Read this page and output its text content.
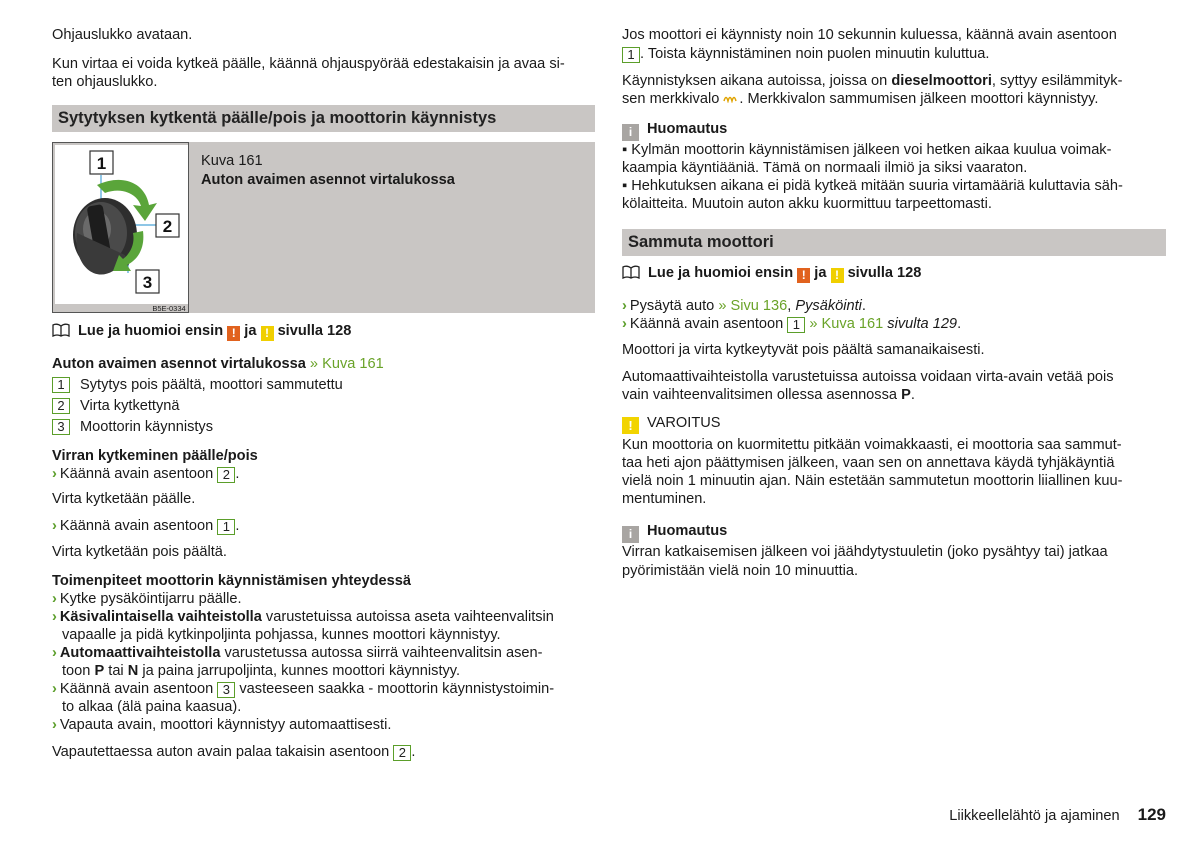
Ohjauslukko avataan.
Kun virtaa ei voida kytkeä päälle, käännä ohjauspyörää edestakaisin ja avaa si-
ten ohjauslukko.
Sytytyksen kytkentä päälle/pois ja moottorin käynnistys
1
2
3
B5E-0334
Kuva 161
Auton avaimen asennot virtalukossa
Lue ja huomioi ensin ! ja ! sivulla 128
Auton avaimen asennot virtalukossa » Kuva 161
1	Sytytys pois päältä, moottori sammutettu
2	Virta kytkettynä
3	Moottorin käynnistys
Virran kytkeminen päälle/pois
› Käännä avain asentoon 2 .
Virta kytketään päälle.
› Käännä avain asentoon 1 .
Virta kytketään pois päältä.
Toimenpiteet moottorin käynnistämisen yhteydessä
› Kytke pysäköintijarru päälle.
› Käsivalintaisella vaihteistolla varustetuissa autoissa aseta vaihteenvalitsin
vapaalle ja pidä kytkinpoljinta pohjassa, kunnes moottori käynnistyy.
› Automaattivaihteistolla varustetussa autossa siirrä vaihteenvalitsin asen-
toon P tai N ja paina jarrupoljinta, kunnes moottori käynnistyy.
› Käännä avain asentoon 3 vasteeseen saakka - moottorin käynnistystoimin-
to alkaa (älä paina kaasua).
› Vapauta avain, moottori käynnistyy automaattisesti.
Vapautettaessa auton avain palaa takaisin asentoon 2 .
Jos moottori ei käynnisty noin 10 sekunnin kuluessa, käännä avain asentoon
1 . Toista käynnistäminen noin puolen minuutin kuluttua.
Käynnistyksen aikana autoissa, joissa on dieselmoottori, syttyy esilämmityk-
sen merkkivalo . Merkkivalon sammumisen jälkeen moottori käynnistyy.
i Huomautus
▪ Kylmän moottorin käynnistämisen jälkeen voi hetken aikaa kuulua voimak-
kaampia käyntiääniä. Tämä on normaali ilmiö ja siksi vaaraton.
▪ Hehkutuksen aikana ei pidä kytkeä mitään suuria virtamääriä kuluttavia säh-
kölaitteita. Muutoin auton akku kuormittuu tarpeettomasti.
Sammuta moottori
Lue ja huomioi ensin ! ja ! sivulla 128
› Pysäytä auto » Sivu 136, Pysäköinti.
› Käännä avain asentoon 1 » Kuva 161 sivulta 129.
Moottori ja virta kytkeytyvät pois päältä samanaikaisesti.
Automaattivaihteistolla varustetuissa autoissa voidaan virta-avain vetää pois
vain vaihteenvalitsimen ollessa asennossa P.
! VAROITUS
Kun moottoria on kuormitettu pitkään voimakkaasti, ei moottoria saa sammut-
taa heti ajon päättymisen jälkeen, vaan sen on annettava käydä tyhjäkäyntiä
vielä noin 1 minuutin ajan. Näin estetään sammutetun moottorin liiallinen kuu-
mentuminen.
i Huomautus
Virran katkaisemisen jälkeen voi jäähdytystuuletin (joko pysähtyy tai) jatkaa
pyörimistään vielä noin 10 minuuttia.
Liikkeellelähtö ja ajaminen 129
